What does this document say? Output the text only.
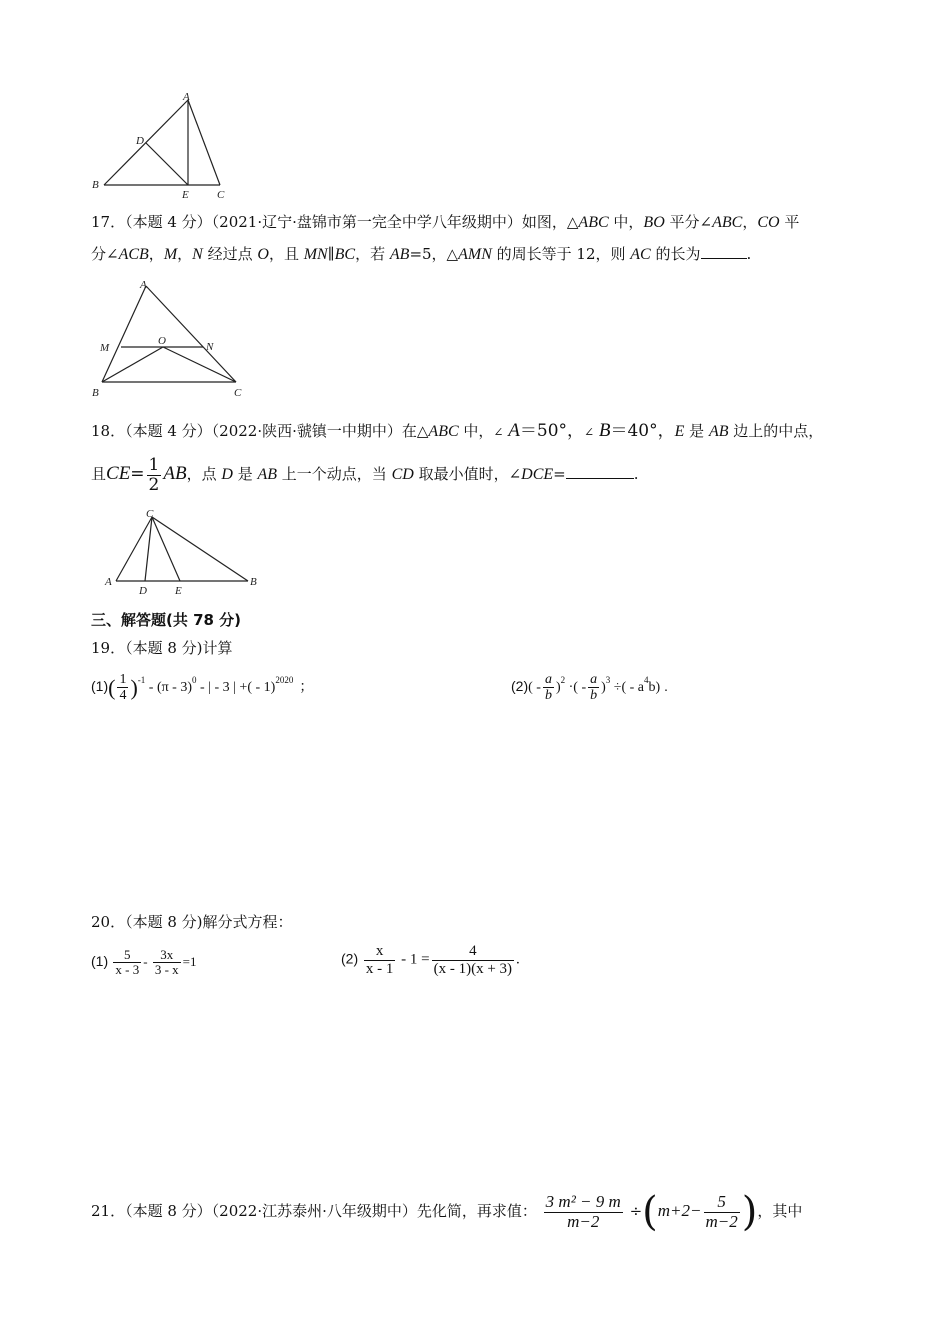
A
B
C
D
E
17．（本题 4 分）（2021·辽宁·盘锦市第一完全中学八年级期中）如图，△ABC 中，BO 平分∠ABC，CO 平
分∠ACB，M，N 经过点 O，且 MN∥BC，若 AB=5，△AMN 的周长等于 12，则 AC 的长为	.
A
M
O	N
B	C
18．（本题 4 分）（2022·陕西·虢镇一中期中）在△ABC 中，∠ A＝50°，∠ B＝40°，E 是 AB 边上的中点，
且$CE= \frac{1}{2}$ AB，点 D 是 AB 上一个动点，当 CD 取最小值时，∠DCE=	.
C
A
D	E
B
三、解答题(共 78 分)
19．（本题 8 分)计算
$(1)( \frac{1}{4} )^{-1} - (\pi - 3)^0$ - | - 3 | +( - 1)$^{2020}$ ；	$(2)( - \frac{a}{b} )^2$ ·( - $\frac{a}{b} )^3$ ÷( - $a^4b$) .
20．（本题 8 分)解分式方程：
$(1) \frac{5}{x - 3} - \frac{3x}{3 - x} =1$	$(2) \frac{x}{x - 1} - 1 = \frac{4}{(x - 1)(x + 3)}$ .
21．（本题 8 分）（2022·江苏泰州·八年级期中）先化简，再求值： $\frac{\text{3 m² − 9 m}}{m-2} \div(m+2- \frac{5}{m-2}$ )，其中
